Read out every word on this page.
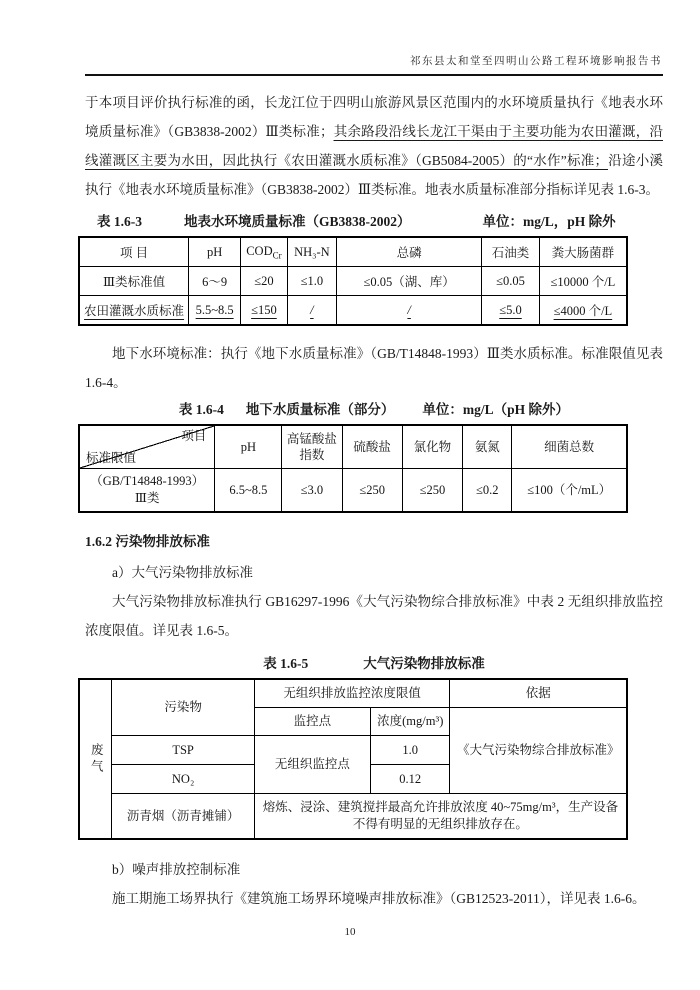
祁东县太和堂至四明山公路工程环境影响报告书
于本项目评价执行标准的函，长龙江位于四明山旅游风景区范围内的水环境质量执行《地表水环境质量标准》（GB3838-2002）Ⅲ类标准；其余路段沿线长龙江干渠由于主要功能为农田灌溉，沿线灌溉区主要为水田，因此执行《农田灌溉水质标准》（GB5084-2005）的“水作”标准；沿途小溪执行《地表水环境质量标准》（GB3838-2002）Ⅲ类标准。地表水质量标准部分指标详见表 1.6-3。
表 1.6-3	地表水环境质量标准（GB3838-2002）	单位：mg/L，pH 除外
项 目	pH	$COD_{Cr}$	NH₃-N	总磷	石油类	粪大肠菌群
Ⅲ类标准值	6～9	≤20	≤1.0	≤0.05（湖、库）	≤0.05	≤10000 个/L
农田灌溉水质标准	5.5~8.5	≤150	/	/	≤5.0	≤4000 个/L
地下水环境标准：执行《地下水质量标准》（GB/T14848-1993）Ⅲ类水质标准。标准限值见表 1.6-4。
表 1.6-4 地下水质量标准（部分） 单位：mg/L（pH 除外）
项目
标准限值	pH	高锰酸盐指数	硫酸盐	氯化物	氨氮	细菌总数

（GB/T14848-1993）
Ⅲ类	6.5~8.5	≤3.0	≤250	≤250	≤0.2	≤100（个/mL）
1.6.2 污染物排放标准
a）大气污染物排放标准
大气污染物排放标准执行 GB16297-1996《大气污染物综合排放标准》中表 2 无组织排放监控浓度限值。详见表 1.6-5。
表 1.6-5	大气污染物排放标准
废气	污染物	无组织排放监控浓度限值		依据
		监控点	浓度(mg/m³)	《大气污染物综合排放标准》
	TSP	无组织监控点	1.0	
	NO₂		0.12	
	沥青烟（沥青摊铺）	熔炼、浸涂、建筑搅拌最高允许排放浓度 40~75mg/m³，生产设备不得有明显的无组织排放存在。		
b）噪声排放控制标准
施工期施工场界执行《建筑施工场界环境噪声排放标准》（GB12523-2011），详见表 1.6-6。
10
